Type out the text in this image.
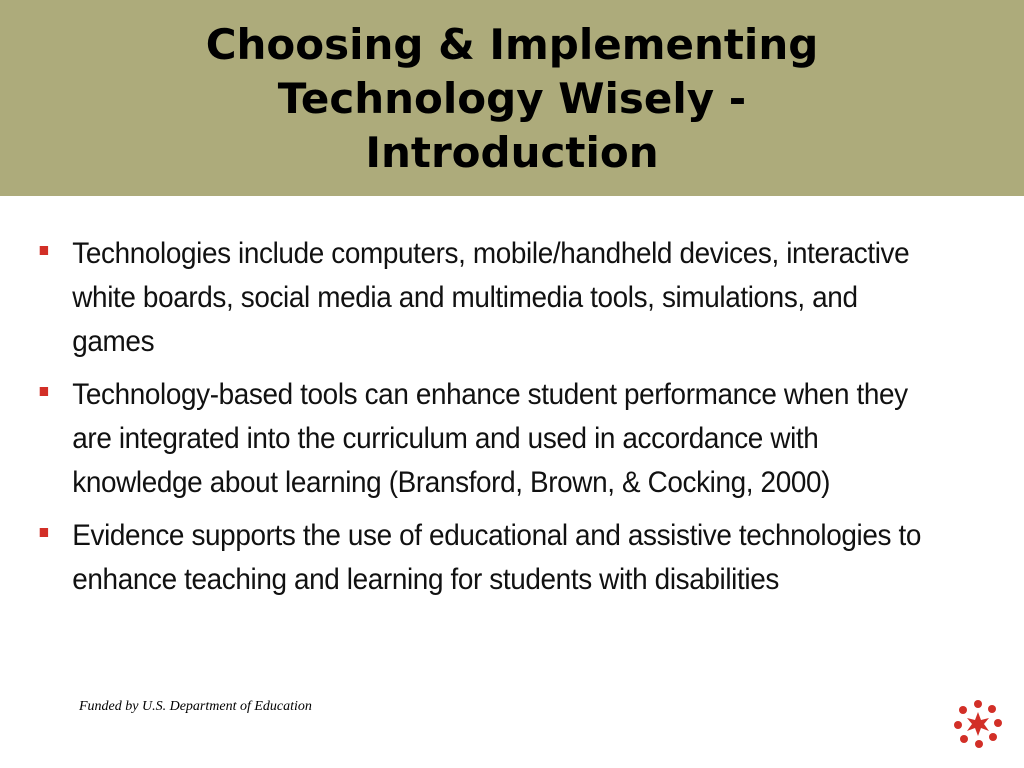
Choosing & Implementing
Technology Wisely -
Introduction
Technologies include computers, mobile/handheld devices, interactive white boards, social media and multimedia tools, simulations, and games
Technology-based tools can enhance student performance when they are integrated into the curriculum and used in accordance with knowledge about learning (Bransford, Brown, & Cocking, 2000)
Evidence supports the use of educational and assistive technologies to enhance teaching and learning for students with disabilities
Funded by U.S. Department of Education
